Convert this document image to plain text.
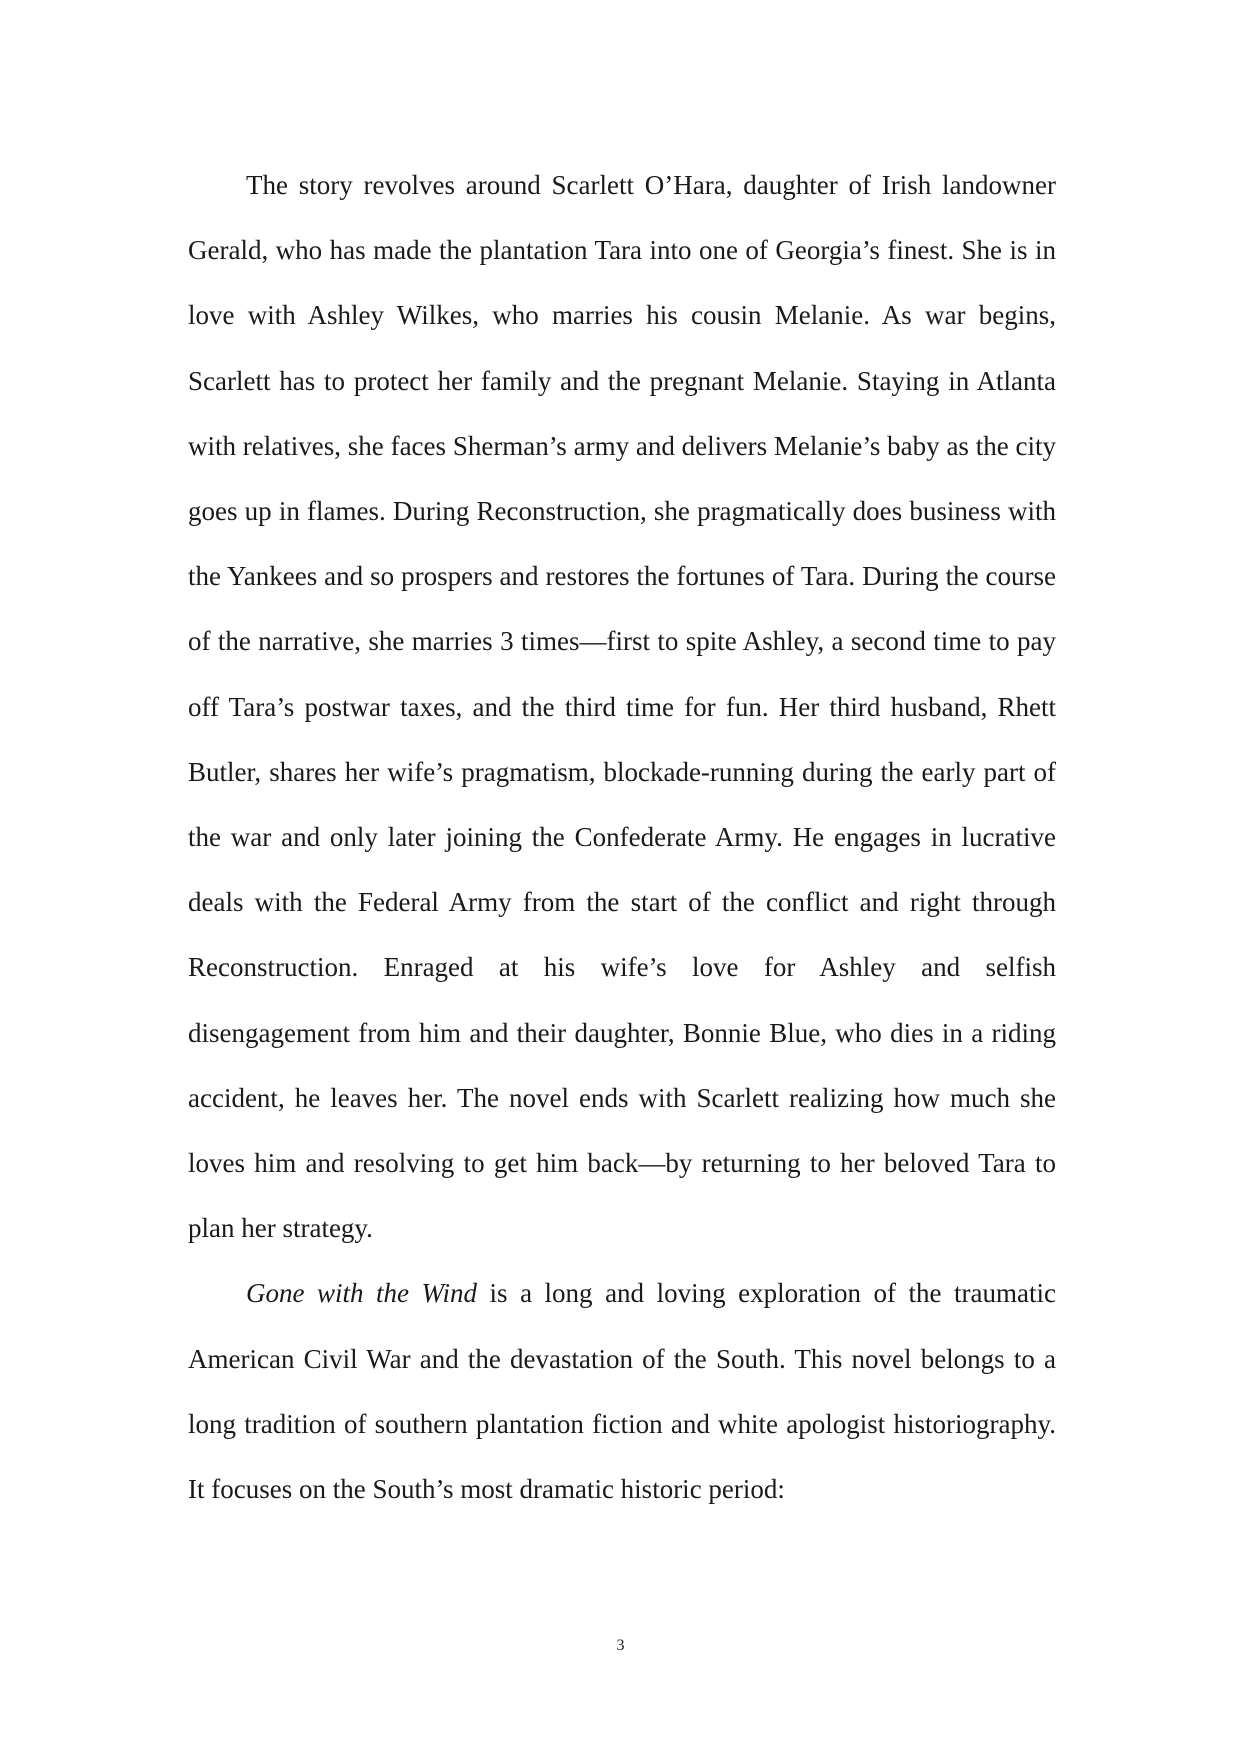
The story revolves around Scarlett O’Hara, daughter of Irish landowner Gerald, who has made the plantation Tara into one of Georgia’s finest. She is in love with Ashley Wilkes, who marries his cousin Melanie. As war begins, Scarlett has to protect her family and the pregnant Melanie. Staying in Atlanta with relatives, she faces Sherman’s army and delivers Melanie’s baby as the city goes up in flames. During Reconstruction, she pragmatically does business with the Yankees and so prospers and restores the fortunes of Tara. During the course of the narrative, she marries 3 times—first to spite Ashley, a second time to pay off Tara’s postwar taxes, and the third time for fun. Her third husband, Rhett Butler, shares her wife’s pragmatism, blockade-running during the early part of the war and only later joining the Confederate Army. He engages in lucrative deals with the Federal Army from the start of the conflict and right through Reconstruction. Enraged at his wife’s love for Ashley and selfish disengagement from him and their daughter, Bonnie Blue, who dies in a riding accident, he leaves her. The novel ends with Scarlett realizing how much she loves him and resolving to get him back—by returning to her beloved Tara to plan her strategy.

Gone with the Wind is a long and loving exploration of the traumatic American Civil War and the devastation of the South. This novel belongs to a long tradition of southern plantation fiction and white apologist historiography. It focuses on the South’s most dramatic historic period:

3
